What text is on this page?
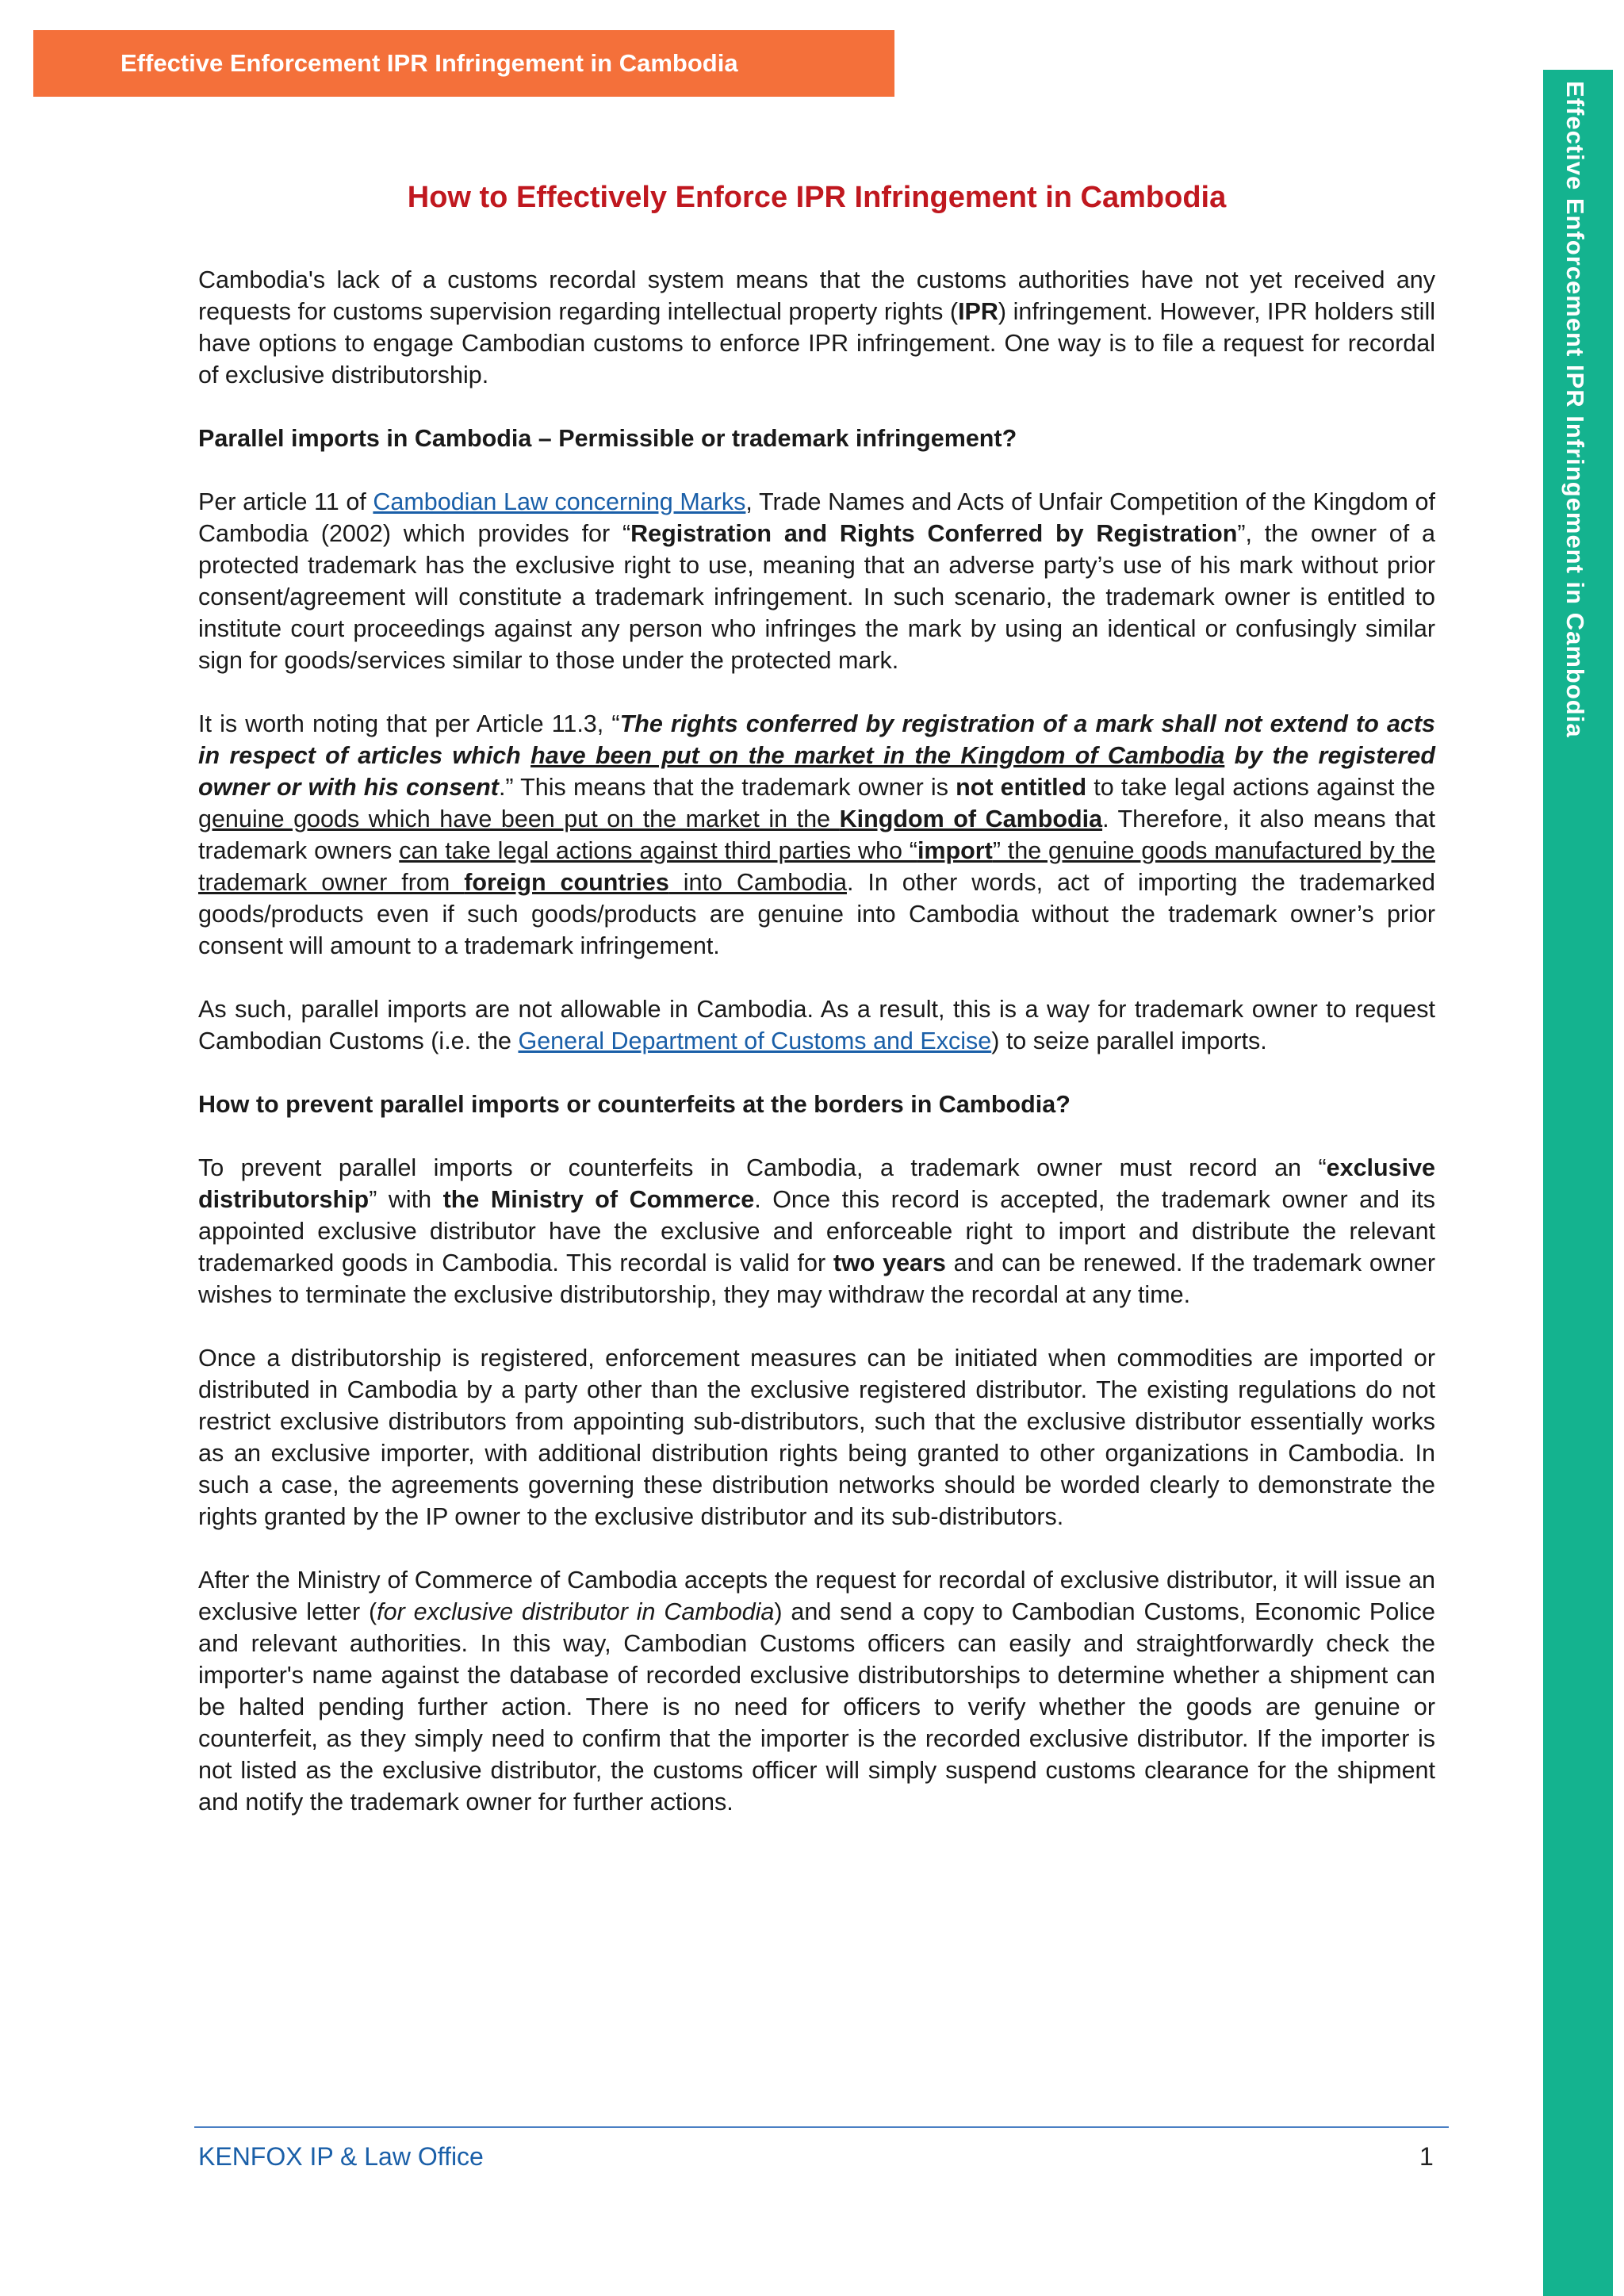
Effective Enforcement IPR Infringement in Cambodia
Effective Enforcement IPR Infringement in Cambodia
How to Effectively Enforce IPR Infringement in Cambodia

Cambodia's lack of a customs recordal system means that the customs authorities have not yet received any requests for customs supervision regarding intellectual property rights (IPR) infringement. However, IPR holders still have options to engage Cambodian customs to enforce IPR infringement. One way is to file a request for recordal of exclusive distributorship.

Parallel imports in Cambodia – Permissible or trademark infringement?

Per article 11 of Cambodian Law concerning Marks, Trade Names and Acts of Unfair Competition of the Kingdom of Cambodia (2002) which provides for “Registration and Rights Conferred by Registration”, the owner of a protected trademark has the exclusive right to use, meaning that an adverse party’s use of his mark without prior consent/agreement will constitute a trademark infringement. In such scenario, the trademark owner is entitled to institute court proceedings against any person who infringes the mark by using an identical or confusingly similar sign for goods/services similar to those under the protected mark.

It is worth noting that per Article 11.3, “The rights conferred by registration of a mark shall not extend to acts in respect of articles which have been put on the market in the Kingdom of Cambodia by the registered owner or with his consent.” This means that the trademark owner is not entitled to take legal actions against the genuine goods which have been put on the market in the Kingdom of Cambodia. Therefore, it also means that trademark owners can take legal actions against third parties who “import” the genuine goods manufactured by the trademark owner from foreign countries into Cambodia. In other words, act of importing the trademarked goods/products even if such goods/products are genuine into Cambodia without the trademark owner’s prior consent will amount to a trademark infringement.

As such, parallel imports are not allowable in Cambodia. As a result, this is a way for trademark owner to request Cambodian Customs (i.e. the General Department of Customs and Excise) to seize parallel imports.

How to prevent parallel imports or counterfeits at the borders in Cambodia?

To prevent parallel imports or counterfeits in Cambodia, a trademark owner must record an “exclusive distributorship” with the Ministry of Commerce. Once this record is accepted, the trademark owner and its appointed exclusive distributor have the exclusive and enforceable right to import and distribute the relevant trademarked goods in Cambodia. This recordal is valid for two years and can be renewed. If the trademark owner wishes to terminate the exclusive distributorship, they may withdraw the recordal at any time.

Once a distributorship is registered, enforcement measures can be initiated when commodities are imported or distributed in Cambodia by a party other than the exclusive registered distributor. The existing regulations do not restrict exclusive distributors from appointing sub-distributors, such that the exclusive distributor essentially works as an exclusive importer, with additional distribution rights being granted to other organizations in Cambodia. In such a case, the agreements governing these distribution networks should be worded clearly to demonstrate the rights granted by the IP owner to the exclusive distributor and its sub-distributors.

After the Ministry of Commerce of Cambodia accepts the request for recordal of exclusive distributor, it will issue an exclusive letter (for exclusive distributor in Cambodia) and send a copy to Cambodian Customs, Economic Police and relevant authorities. In this way, Cambodian Customs officers can easily and straightforwardly check the importer's name against the database of recorded exclusive distributorships to determine whether a shipment can be halted pending further action. There is no need for officers to verify whether the goods are genuine or counterfeit, as they simply need to confirm that the importer is the recorded exclusive distributor. If the importer is not listed as the exclusive distributor, the customs officer will simply suspend customs clearance for the shipment and notify the trademark owner for further actions.

KENFOX IP & Law Office	1
